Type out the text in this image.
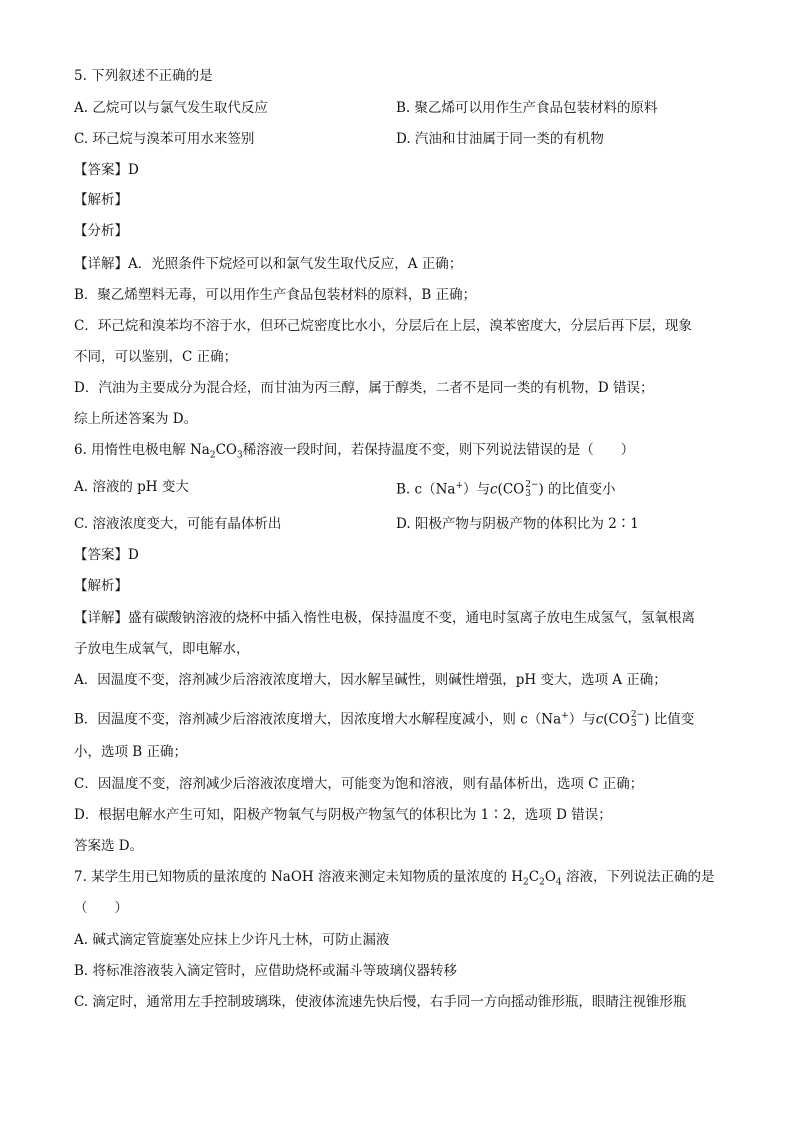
5. 下列叙述不正确的是
A. 乙烷可以与氯气发生取代反应	B. 聚乙烯可以用作生产食品包装材料的原料
C. 环己烷与溴苯可用水来签别	D. 汽油和甘油属于同一类的有机物
【答案】D
【解析】
【分析】
【详解】A．光照条件下烷烃可以和氯气发生取代反应，A 正确；
B．聚乙烯塑料无毒，可以用作生产食品包装材料的原料，B 正确；
C．环己烷和溴苯均不溶于水，但环己烷密度比水小，分层后在上层，溴苯密度大，分层后再下层，现象
不同，可以鉴别，C 正确；
D．汽油为主要成分为混合烃，而甘油为丙三醇，属于醇类，二者不是同一类的有机物，D 错误；
综上所述答案为 D。
6. 用惰性电极电解 $Na_2CO_3$稀溶液一段时间，若保持温度不变，则下列说法错误的是（　　）
A. 溶液的 pH 变大	B. c（Na+）与c(CO 2−
3 ) 的比值变小
C. 溶液浓度变大，可能有晶体析出	D. 阳极产物与阴极产物的体积比为 2∶1
【答案】D
【解析】
【详解】盛有碳酸钠溶液的烧杯中插入惰性电极，保持温度不变，通电时氢离子放电生成氢气，氢氧根离
子放电生成氧气，即电解水，
A．因温度不变，溶剂减少后溶液浓度增大，因水解呈碱性，则碱性增强，pH 变大，选项 A 正确；
B．因温度不变，溶剂减少后溶液浓度增大，因浓度增大水解程度减小，则 c（Na+）与c(CO 2−
3 ) 比值变
小，选项 B 正确；
C．因温度不变，溶剂减少后溶液浓度增大，可能变为饱和溶液，则有晶体析出，选项 C 正确；
D．根据电解水产生可知，阳极产物氧气与阴极产物氢气的体积比为 1∶2，选项 D 错误；
答案选 D。
7. 某学生用已知物质的量浓度的 NaOH 溶液来测定未知物质的量浓度的 $H_2C_2O_4$ 溶液，下列说法正确的是
（　　）
A. 碱式滴定管旋塞处应抹上少许凡士林，可防止漏液
B. 将标准溶液装入滴定管时，应借助烧杯或漏斗等玻璃仪器转移
C. 滴定时，通常用左手控制玻璃珠，使液体流速先快后慢，右手同一方向摇动锥形瓶，眼睛注视锥形瓶
